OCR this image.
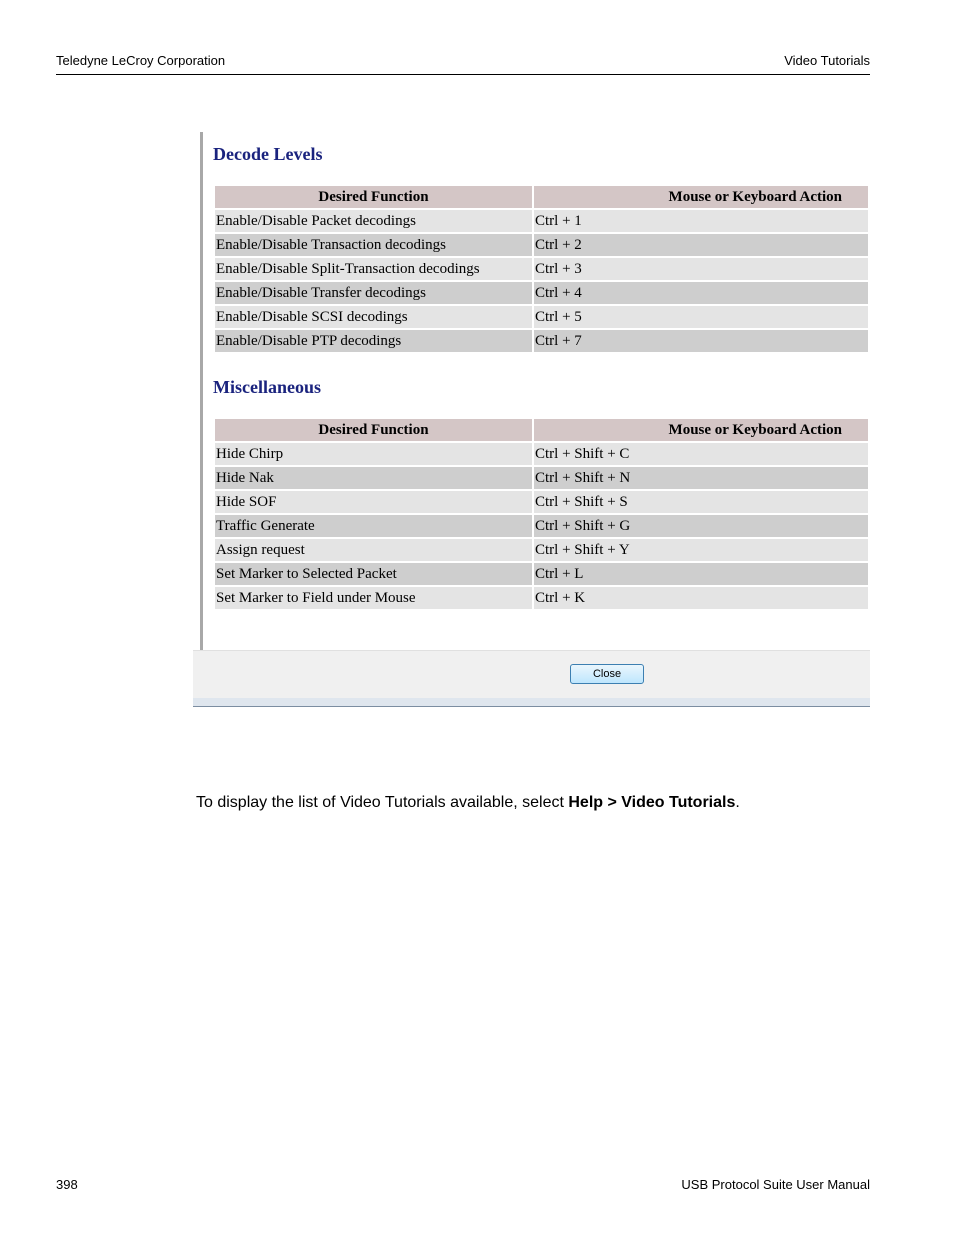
Teledyne LeCroy Corporation	Video Tutorials
Decode Levels
Desired Function	Mouse or Keyboard Action
Enable/Disable Packet decodings	Ctrl + 1
Enable/Disable Transaction decodings	Ctrl + 2
Enable/Disable Split-Transaction decodings	Ctrl + 3
Enable/Disable Transfer decodings	Ctrl + 4
Enable/Disable SCSI decodings	Ctrl + 5
Enable/Disable PTP decodings	Ctrl + 7
Miscellaneous
Desired Function	Mouse or Keyboard Action
Hide Chirp	Ctrl + Shift + C
Hide Nak	Ctrl + Shift + N
Hide SOF	Ctrl + Shift + S
Traffic Generate	Ctrl + Shift + G
Assign request	Ctrl + Shift + Y
Set Marker to Selected Packet	Ctrl + L
Set Marker to Field under Mouse	Ctrl + K
Close
To display the list of Video Tutorials available, select Help > Video Tutorials.
398	USB Protocol Suite User Manual
